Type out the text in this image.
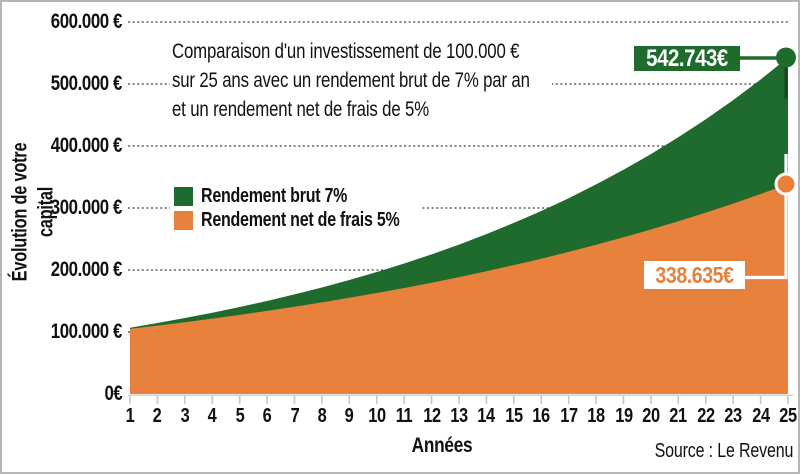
Évolution de votre capital
600.000 €
500.000 €
400.000 €
300.000 €
200.000 €
100.000 €
0€
1 2 3 4 5 6 7 8 9 10 11 12 13 14 15 16 17 18 19 20 21 22 23 24 25
Comparaison d'un investissement de 100.000 €
sur 25 ans avec un rendement brut de 7% par an
et un rendement net de frais de 5%
Rendement brut 7%
Rendement net de frais 5%
542.743€
338.635€
Années	Source : Le Revenu
